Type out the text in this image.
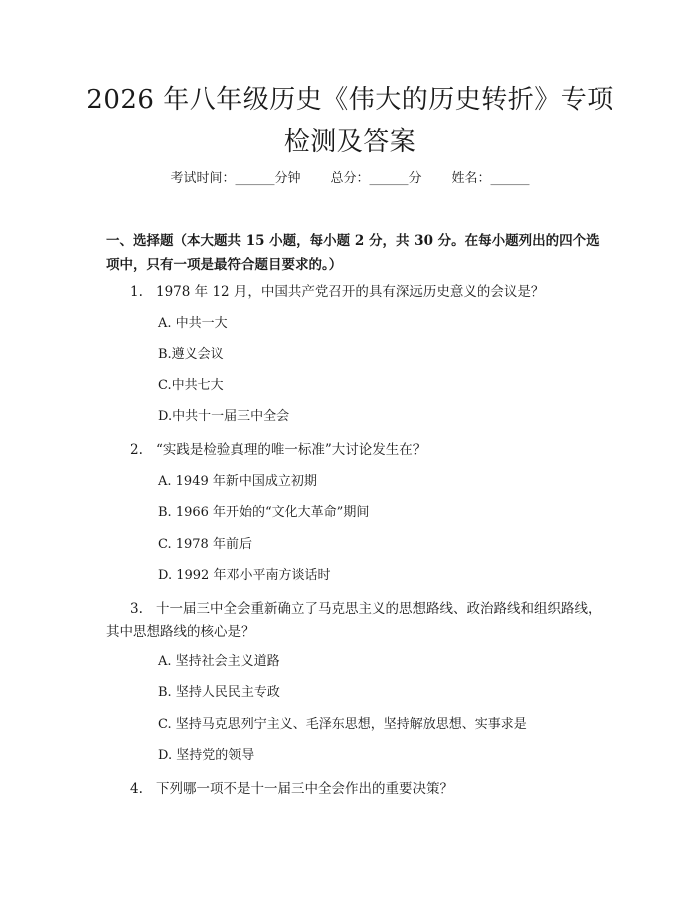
2026 年八年级历史《伟大的历史转折》专项
检测及答案
考试时间：______分钟 总分：______分 姓名：______
一、选择题（本大题共 15 小题，每小题 2 分，共 30 分。在每小题列出的四个选项中，只有一项是最符合题目要求的。）
1. 1978 年 12 月，中国共产党召开的具有深远历史意义的会议是？
A. 中共一大
B.遵义会议
C.中共七大
D.中共十一届三中全会
2. “实践是检验真理的唯一标准”大讨论发生在？
A. 1949 年新中国成立初期
B. 1966 年开始的“文化大革命”期间
C. 1978 年前后
D. 1992 年邓小平南方谈话时
3. 十一届三中全会重新确立了马克思主义的思想路线、政治路线和组织路线，其中思想路线的核心是？
A. 坚持社会主义道路
B. 坚持人民民主专政
C. 坚持马克思列宁主义、毛泽东思想，坚持解放思想、实事求是
D. 坚持党的领导
4. 下列哪一项不是十一届三中全会作出的重要决策？
